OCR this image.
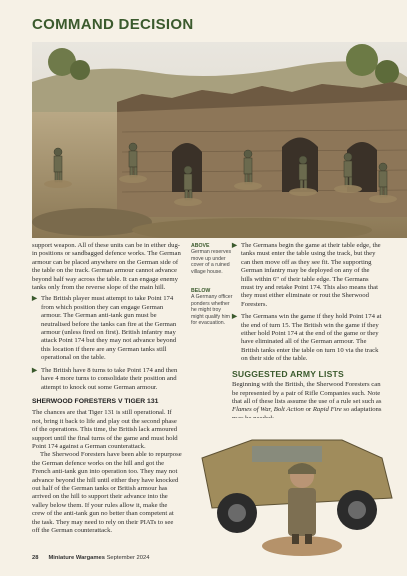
COMMAND DECISION

support weapon. All of these units can be in either dug-in positions or sandbagged defence works. The German armour can be placed anywhere on the German side of the table on the track. German armour cannot advance beyond half way across the table. It can engage enemy tanks only from the reverse slope of the main hill.

▶ The British player must attempt to take Point 174 from which position they can engage German armour. The German anti-tank gun must be neutralised before the tanks can fire at the German armour (unless fired on first). British infantry may attack Point 174 but they may not advance beyond this location if there are any German tanks still operational on the table.
▶ The British have 8 turns to take Point 174 and then have 4 more turns to consolidate their position and attempt to knock out some German armour.
SHERWOOD FORESTERS V TIGER 131

The chances are that Tiger 131 is still operational. If not, bring it back to life and play out the second phase of the operations. This time, the British lack armoured support until the final turns of the game and must hold Point 174 against a German counterattack.

The Sherwood Foresters have been able to repurpose the German defence works on the hill and got the French anti-tank gun into operation too. They may not advance beyond the hill until either they have knocked out half of the German tanks or British armour has arrived on the hill to support their advance into the valley below them. If your rules allow it, make the crew of the anti-tank gun no better than competent at the task. They may need to rely on their PIATs to see off the German counterattack.

ABOVE
German reserves move up under cover of a ruined village house.
BELOW
A Germany officer ponders whether he might troy might qualify him for evacuation.
▶ The Germans begin the game at their table edge, the tanks must enter the table using the track, but they can then move off as they see fit. The supporting German infantry may be deployed on any of the hills within 6" of their table edge. The Germans must try and retake Point 174. This also means that they must either eliminate or rout the Sherwood Foresters.
▶ The Germans win the game if they hold Point 174 at the end of turn 15. The British win the game if they either hold Point 174 at the end of the game or they have eliminated all of the German armour. The British tanks enter the table on turn 10 via the track on their side of the table.
SUGGESTED ARMY LISTS

Beginning with the British, the Sherwood Foresters can be represented by a pair of Rifle Companies such. Note that all of these lists assume the use of a rule set such as Flames of War, Bolt Action or Rapid Fire so adaptations

28 Miniature Wargames September 2024
